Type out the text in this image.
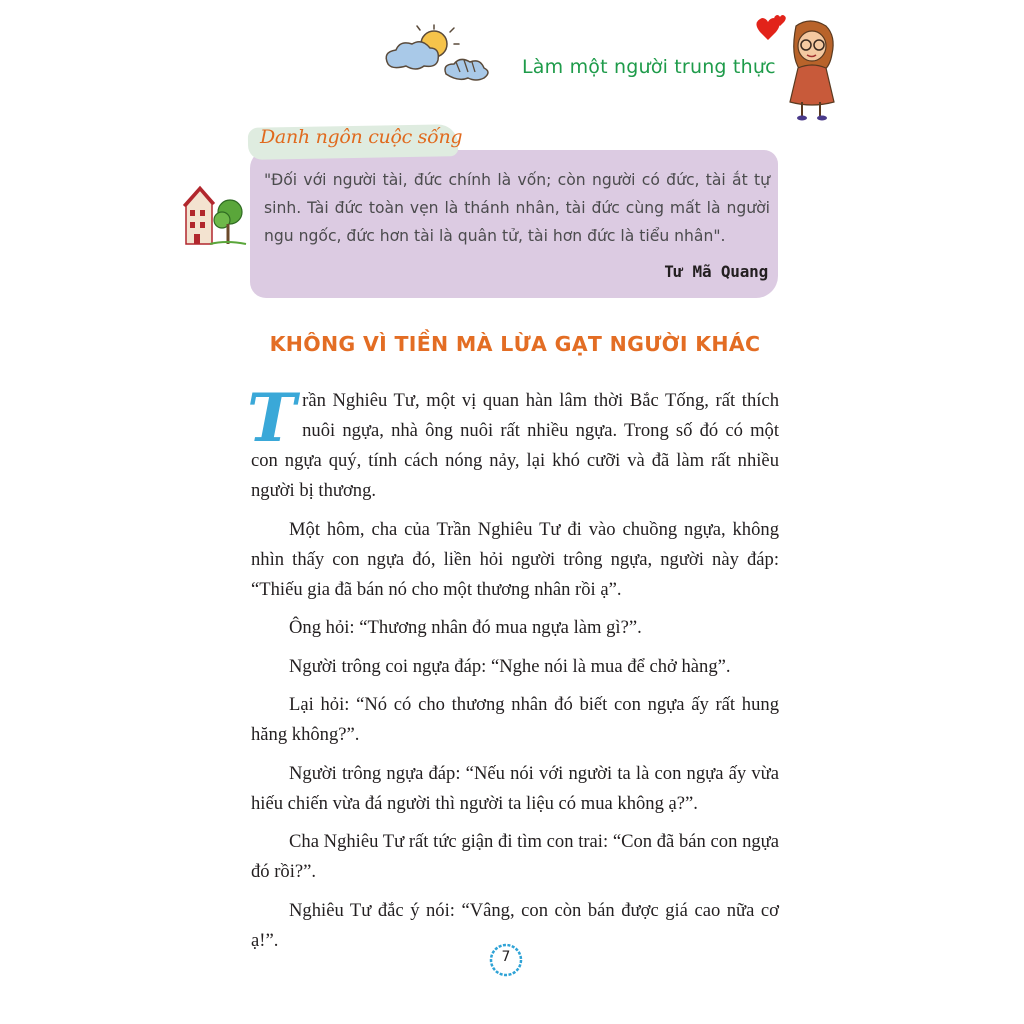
Làm một người trung thực
Danh ngôn cuộc sống

"Đối với người tài, đức chính là vốn; còn người có đức, tài ắt tự sinh. Tài đức toàn vẹn là thánh nhân, tài đức cùng mất là người ngu ngốc, đức hơn tài là quân tử, tài hơn đức là tiểu nhân".

Tư Mã Quang
KHÔNG VÌ TIỀN MÀ LỪA GẠT NGƯỜI KHÁC

Trần Nghiêu Tư, một vị quan hàn lâm thời Bắc Tống, rất thích nuôi ngựa, nhà ông nuôi rất nhiều ngựa. Trong số đó có một con ngựa quý, tính cách nóng nảy, lại khó cưỡi và đã làm rất nhiều người bị thương.

Một hôm, cha của Trần Nghiêu Tư đi vào chuồng ngựa, không nhìn thấy con ngựa đó, liền hỏi người trông ngựa, người này đáp: “Thiếu gia đã bán nó cho một thương nhân rồi ạ”.

Ông hỏi: “Thương nhân đó mua ngựa làm gì?”.

Người trông coi ngựa đáp: “Nghe nói là mua để chở hàng”.

Lại hỏi: “Nó có cho thương nhân đó biết con ngựa ấy rất hung hăng không?”.

Người trông ngựa đáp: “Nếu nói với người ta là con ngựa ấy vừa hiếu chiến vừa đá người thì người ta liệu có mua không ạ?”.

Cha Nghiêu Tư rất tức giận đi tìm con trai: “Con đã bán con ngựa đó rồi?”.

Nghiêu Tư đắc ý nói: “Vâng, con còn bán được giá cao nữa cơ ạ!”.

7
